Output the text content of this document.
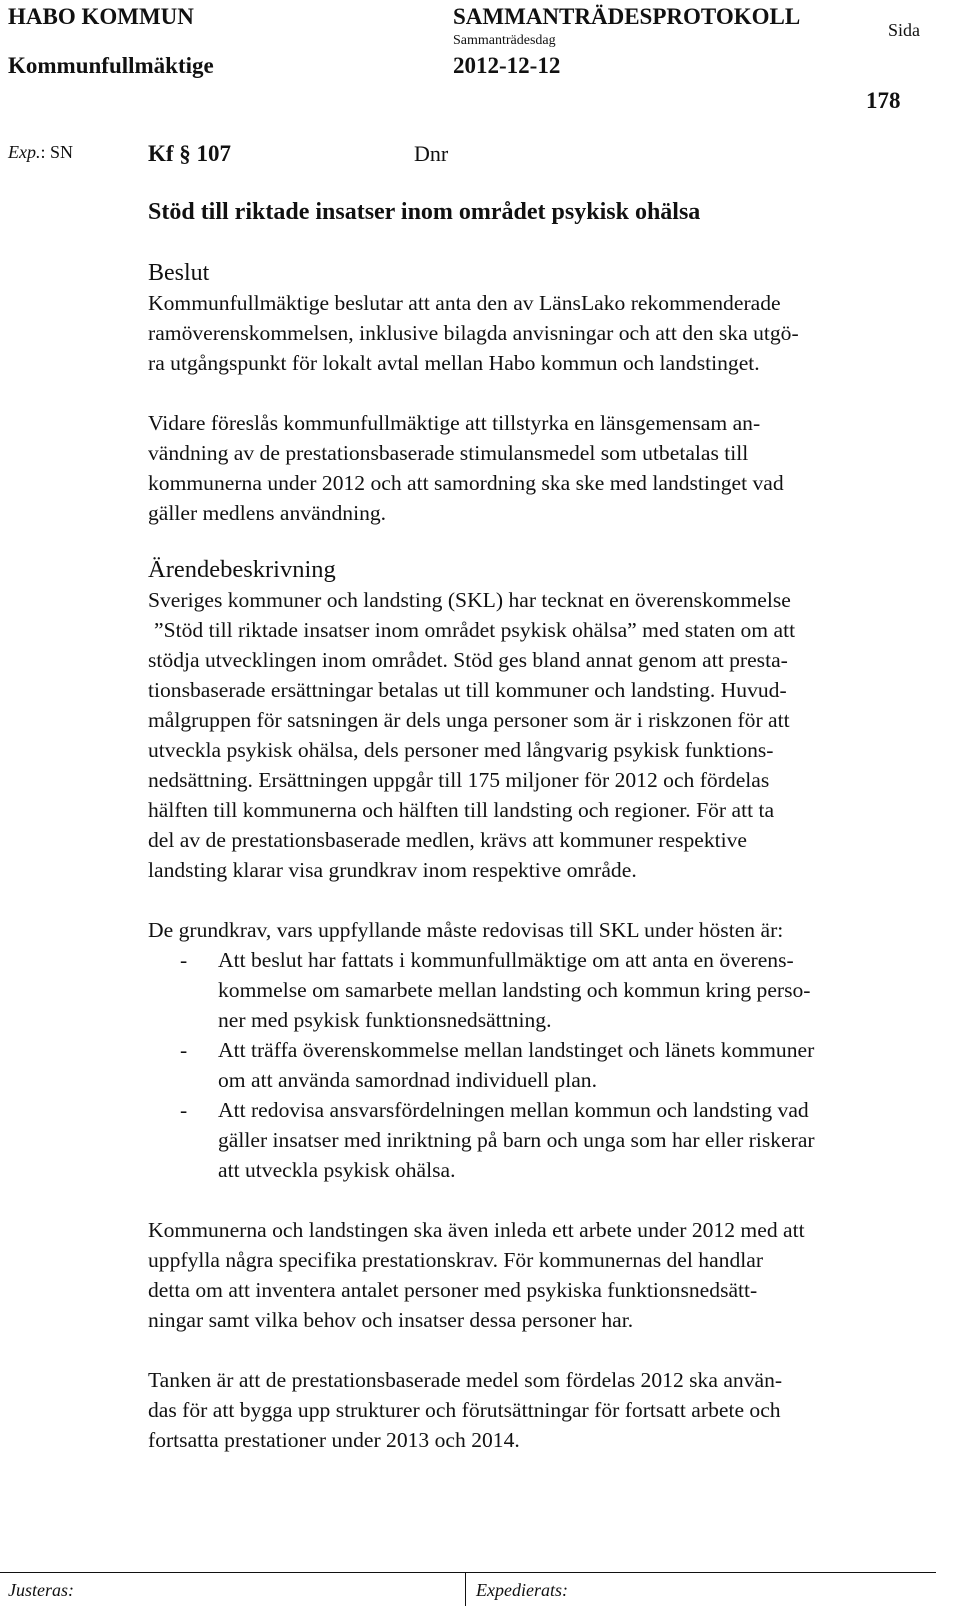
HABO KOMMUN
Kommunfullmäktige
SAMMANTRÄDESPROTOKOLL
Sammanträdesdag
2012-12-12
Sida
178
Exp.: SN	Kf § 107	Dnr
Stöd till riktade insatser inom området psykisk ohälsa
Beslut
Kommunfullmäktige beslutar att anta den av LänsLako rekommenderade
ramöverenskommelsen, inklusive bilagda anvisningar och att den ska utgö-
ra utgångspunkt för lokalt avtal mellan Habo kommun och landstinget.
Vidare föreslås kommunfullmäktige att tillstyrka en länsgemensam an-
vändning av de prestationsbaserade stimulansmedel som utbetalas till
kommunerna under 2012 och att samordning ska ske med landstinget vad
gäller medlens användning.
Ärendebeskrivning
Sveriges kommuner och landsting (SKL) har tecknat en överenskommelse
”Stöd till riktade insatser inom området psykisk ohälsa” med staten om att
stödja utvecklingen inom området. Stöd ges bland annat genom att presta-
tionsbaserade ersättningar betalas ut till kommuner och landsting. Huvud-
målgruppen för satsningen är dels unga personer som är i riskzonen för att
utveckla psykisk ohälsa, dels personer med långvarig psykisk funktions-
nedsättning. Ersättningen uppgår till 175 miljoner för 2012 och fördelas
hälften till kommunerna och hälften till landsting och regioner. För att ta
del av de prestationsbaserade medlen, krävs att kommuner respektive
landsting klarar visa grundkrav inom respektive område.
De grundkrav, vars uppfyllande måste redovisas till SKL under hösten är:
- Att beslut har fattats i kommunfullmäktige om att anta en överens-
kommelse om samarbete mellan landsting och kommun kring perso-
ner med psykisk funktionsnedsättning.
- Att träffa överenskommelse mellan landstinget och länets kommuner
om att använda samordnad individuell plan.
- Att redovisa ansvarsfördelningen mellan kommun och landsting vad
gäller insatser med inriktning på barn och unga som har eller riskerar
att utveckla psykisk ohälsa.
Kommunerna och landstingen ska även inleda ett arbete under 2012 med att
uppfylla några specifika prestationskrav. För kommunernas del handlar
detta om att inventera antalet personer med psykiska funktionsnedsätt-
ningar samt vilka behov och insatser dessa personer har.
Tanken är att de prestationsbaserade medel som fördelas 2012 ska använ-
das för att bygga upp strukturer och förutsättningar för fortsatt arbete och
fortsatta prestationer under 2013 och 2014.
Justeras:	Expedierats:
